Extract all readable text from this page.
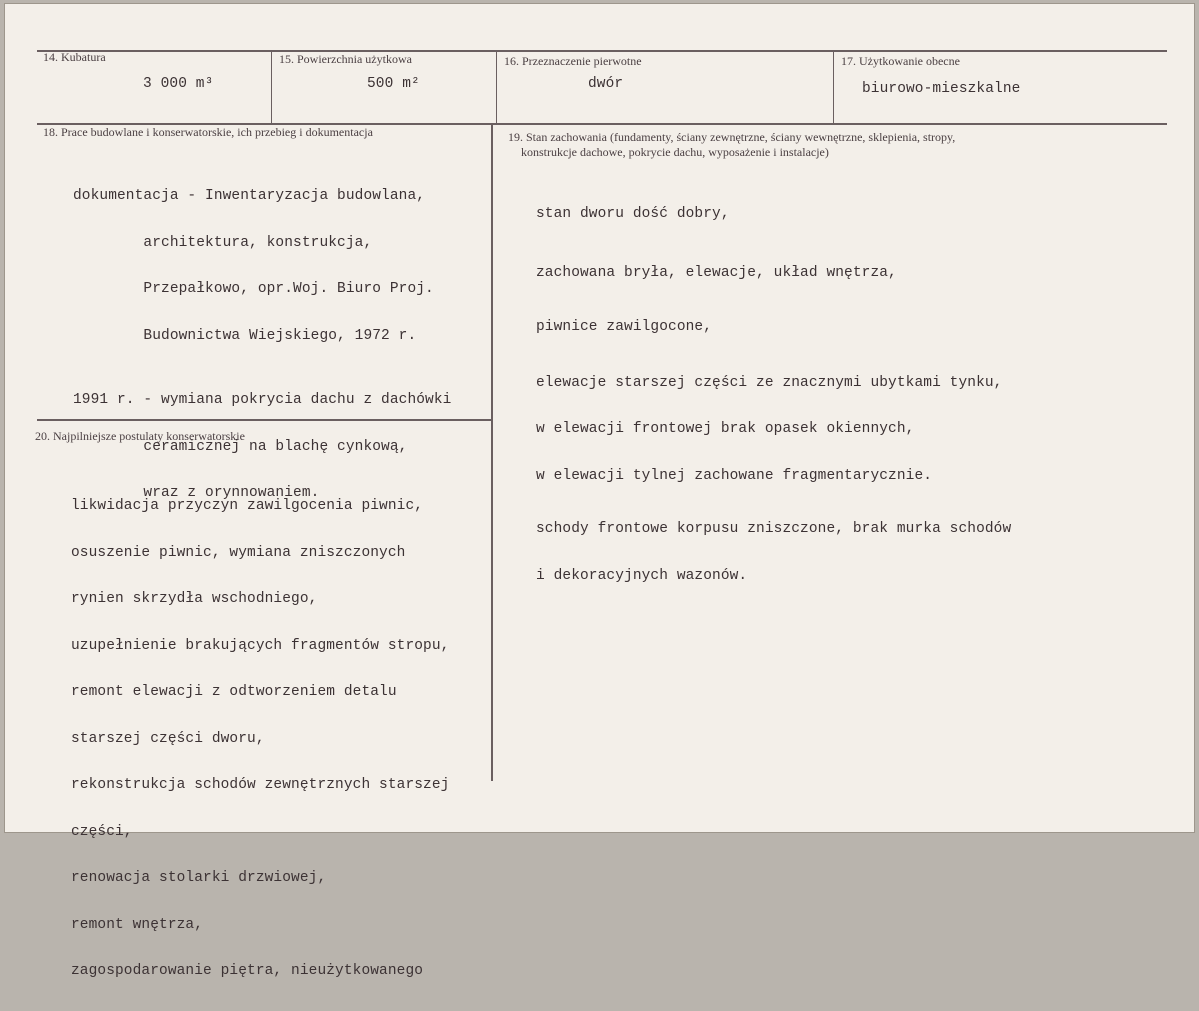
14. Kubatura
3 000 m³
15. Powierzchnia użytkowa
500 m²
16. Przeznaczenie pierwotne
dwór
17. Użytkowanie obecne
biurowo-mieszkalne
18. Prace budowlane i konserwatorskie, ich przebieg i dokumentacja

dokumentacja - Inwentaryzacja budowlana,

architektura, konstrukcja,

Przepałkowo, opr.Woj. Biuro Proj.

Budownictwa Wiejskiego, 1972 r.

1991 r. - wymiana pokrycia dachu z dachówki

ceramicznej na blachę cynkową,

wraz z orynnowaniem.

19. Stan zachowania (fundamenty, ściany zewnętrzne, ściany wewnętrzne, sklepienia, stropy,
konstrukcje dachowe, pokrycie dachu, wyposażenie i instalacje)

stan dworu dość dobry,

zachowana bryła, elewacje, układ wnętrza,

piwnice zawilgocone,

elewacje starszej części ze znacznymi ubytkami tynku,

w elewacji frontowej brak opasek okiennych,

w elewacji tylnej zachowane fragmentarycznie.

schody frontowe korpusu zniszczone, brak murka schodów

i dekoracyjnych wazonów.

20. Najpilniejsze postulaty konserwatorskie

likwidacja przyczyn zawilgocenia piwnic,

osuszenie piwnic, wymiana zniszczonych

rynien skrzydła wschodniego,

uzupełnienie brakujących fragmentów stropu,

remont elewacji z odtworzeniem detalu

starszej części dworu,

rekonstrukcja schodów zewnętrznych starszej

części,

renowacja stolarki drzwiowej,

remont wnętrza,

zagospodarowanie piętra, nieużytkowanego
